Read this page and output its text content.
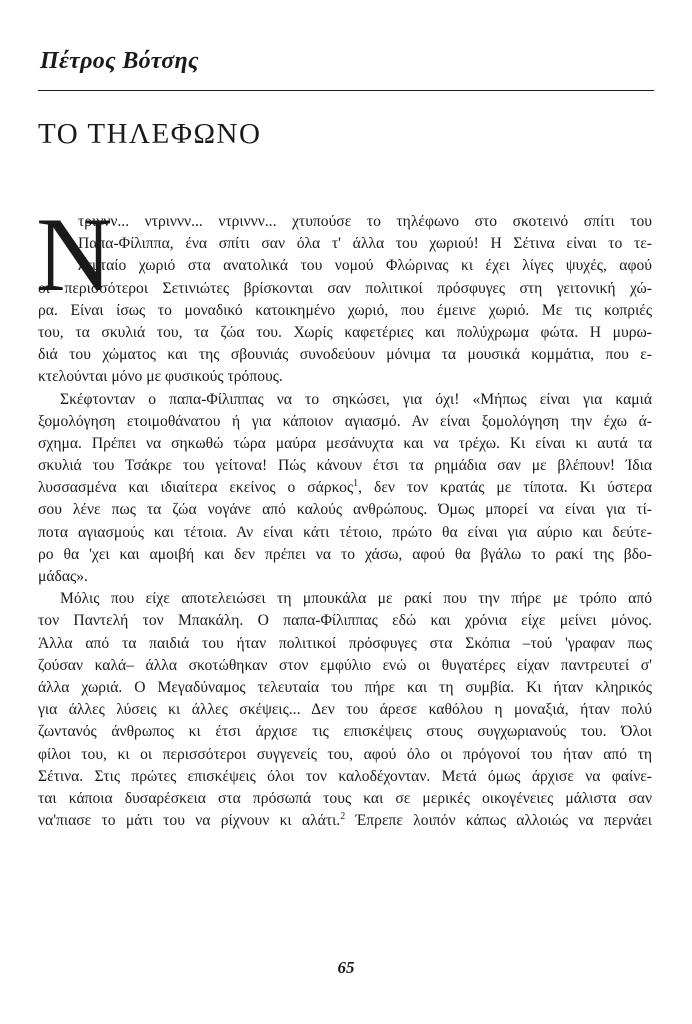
Πέτρος Βότσης
ΤΟ ΤΗΛΕΦΩΝΟ
Ν
τριννν... ντριννν... ντριννν... χτυπούσε το τηλέφωνο στο σκοτεινό σπίτι του
Παπα-Φίλιππα, ένα σπίτι σαν όλα τ' άλλα του χωριού! Η Σέτινα είναι το τε-
λευταίο χωριό στα ανατολικά του νομού Φλώρινας κι έχει λίγες ψυχές, αφού
οι περισσότεροι Σετινιώτες βρίσκονται σαν πολιτικοί πρόσφυγες στη γειτονική χώ-
ρα. Είναι ίσως το μοναδικό κατοικημένο χωριό, που έμεινε χωριό. Με τις κοπριές
του, τα σκυλιά του, τα ζώα του. Χωρίς καφετέριες και πολύχρωμα φώτα. Η μυρω-
διά του χώματος και της σβουνιάς συνοδεύουν μόνιμα τα μουσικά κομμάτια, που ε-
κτελούνται μόνο με φυσικούς τρόπους.
Σκέφτονταν ο παπα-Φίλιππας να το σηκώσει, για όχι! «Μήπως είναι για καμιά
ξομολόγηση ετοιμοθάνατου ή για κάποιον αγιασμό. Αν είναι ξομολόγηση την έχω ά-
σχημα. Πρέπει να σηκωθώ τώρα μαύρα μεσάνυχτα και να τρέχω. Κι είναι κι αυτά τα
σκυλιά του Τσάκρε του γείτονα! Πώς κάνουν έτσι τα ρημάδια σαν με βλέπουν! Ίδια
λυσσασμένα και ιδιαίτερα εκείνος ο σάρκος$^1$, δεν τον κρατάς με τίποτα. Κι ύστερα
σου λένε πως τα ζώα νογάνε από καλούς ανθρώπους. Όμως μπορεί να είναι για τί-
ποτα αγιασμούς και τέτοια. Αν είναι κάτι τέτοιο, πρώτο θα είναι για αύριο και δεύτε-
ρο θα 'χει και αμοιβή και δεν πρέπει να το χάσω, αφού θα βγάλω το ρακί της βδο-
μάδας».
Μόλις που είχε αποτελειώσει τη μπουκάλα με ρακί που την πήρε με τρόπο από
τον Παντελή τον Μπακάλη. Ο παπα-Φίλιππας εδώ και χρόνια είχε μείνει μόνος.
Άλλα από τα παιδιά του ήταν πολιτικοί πρόσφυγες στα Σκόπια –τού 'γραφαν πως
ζούσαν καλά– άλλα σκοτώθηκαν στον εμφύλιο ενώ οι θυγατέρες είχαν παντρευτεί σ'
άλλα χωριά. Ο Μεγαδύναμος τελευταία του πήρε και τη συμβία. Κι ήταν κληρικός
για άλλες λύσεις κι άλλες σκέψεις... Δεν του άρεσε καθόλου η μοναξιά, ήταν πολύ
ζωντανός άνθρωπος κι έτσι άρχισε τις επισκέψεις στους συγχωριανούς του. Όλοι
φίλοι του, κι οι περισσότεροι συγγενείς του, αφού όλο οι πρόγονοί του ήταν από τη
Σέτινα. Στις πρώτες επισκέψεις όλοι τον καλοδέχονταν. Μετά όμως άρχισε να φαίνε-
ται κάποια δυσαρέσκεια στα πρόσωπά τους και σε μερικές οικογένειες μάλιστα σαν
να'πιασε το μάτι του να ρίχνουν κι αλάτι.$^2$ Έπρεπε λοιπόν κάπως αλλοιώς να περνάει
65
